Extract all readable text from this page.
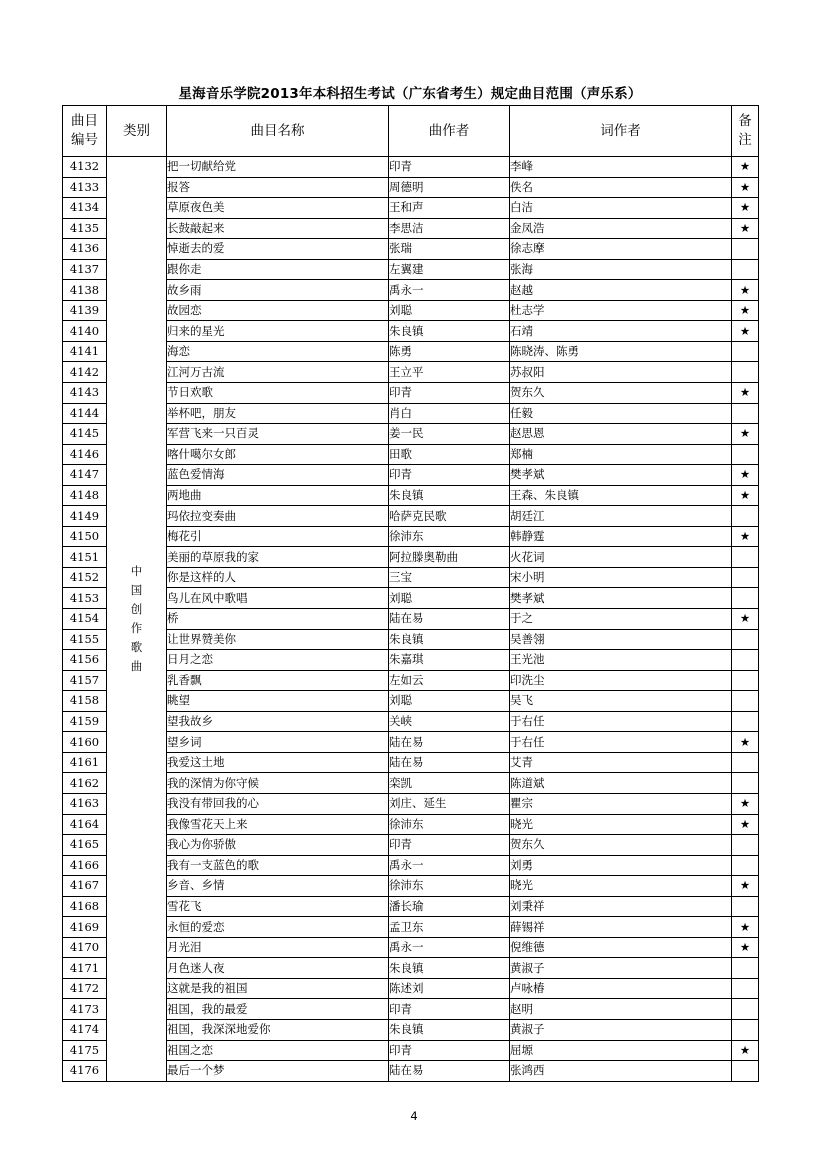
星海音乐学院2013年本科招生考试（广东省考生）规定曲目范围（声乐系）
曲目编号	类别	曲目名称	曲作者	词作者	备注
4132	中国创作歌曲	把一切献给党	印青	李峰	★
4133		报答	周德明	佚名	★
4134		草原夜色美	王和声	白洁	★
4135		长鼓敲起来	李思洁	金凤浩	★
4136		悼逝去的爱	张瑞	徐志摩	
4137		跟你走	左翼建	张海	
4138		故乡雨	禹永一	赵越	★
4139		故园恋	刘聪	杜志学	★
4140		归来的星光	朱良镇	石靖	★
4141		海恋	陈勇	陈晓涛、陈勇	
4142		江河万古流	王立平	苏叔阳	
4143		节日欢歌	印青	贺东久	★
4144		举杯吧，朋友	肖白	任毅	
4145		军营飞来一只百灵	姜一民	赵思恩	★
4146		喀什噶尔女郎	田歌	郑楠	
4147		蓝色爱情海	印青	樊孝斌	★
4148		两地曲	朱良镇	王森、朱良镇	★
4149		玛依拉变奏曲	哈萨克民歌	胡廷江	
4150		梅花引	徐沛东	韩静霆	★
4151		美丽的草原我的家	阿拉滕奥勒曲	火花词	
4152		你是这样的人	三宝	宋小明	
4153		鸟儿在风中歌唱	刘聪	樊孝斌	
4154		桥	陆在易	于之	★
4155		让世界赞美你	朱良镇	吴善翎	
4156		日月之恋	朱嘉琪	王光池	
4157		乳香飘	左如云	印洗尘	
4158		眺望	刘聪	吴飞	
4159		望我故乡	关峡	于右任	
4160		望乡词	陆在易	于右任	★
4161		我爱这土地	陆在易	艾青	
4162		我的深情为你守候	栾凯	陈道斌	
4163		我没有带回我的心	刘庄、延生	瞿宗	★
4164		我像雪花天上来	徐沛东	晓光	★
4165		我心为你骄傲	印青	贺东久	
4166		我有一支蓝色的歌	禹永一	刘勇	
4167		乡音、乡情	徐沛东	晓光	★
4168		雪花飞	潘长瑜	刘秉祥	
4169		永恒的爱恋	孟卫东	薛锡祥	★
4170		月光泪	禹永一	倪维德	★
4171		月色迷人夜	朱良镇	黄淑子	
4172		这就是我的祖国	陈述刘	卢咏椿	
4173		祖国，我的最爱	印青	赵明	
4174		祖国，我深深地爱你	朱良镇	黄淑子	
4175		祖国之恋	印青	屈塬	★
4176		最后一个梦	陆在易	张鸿西	
4
